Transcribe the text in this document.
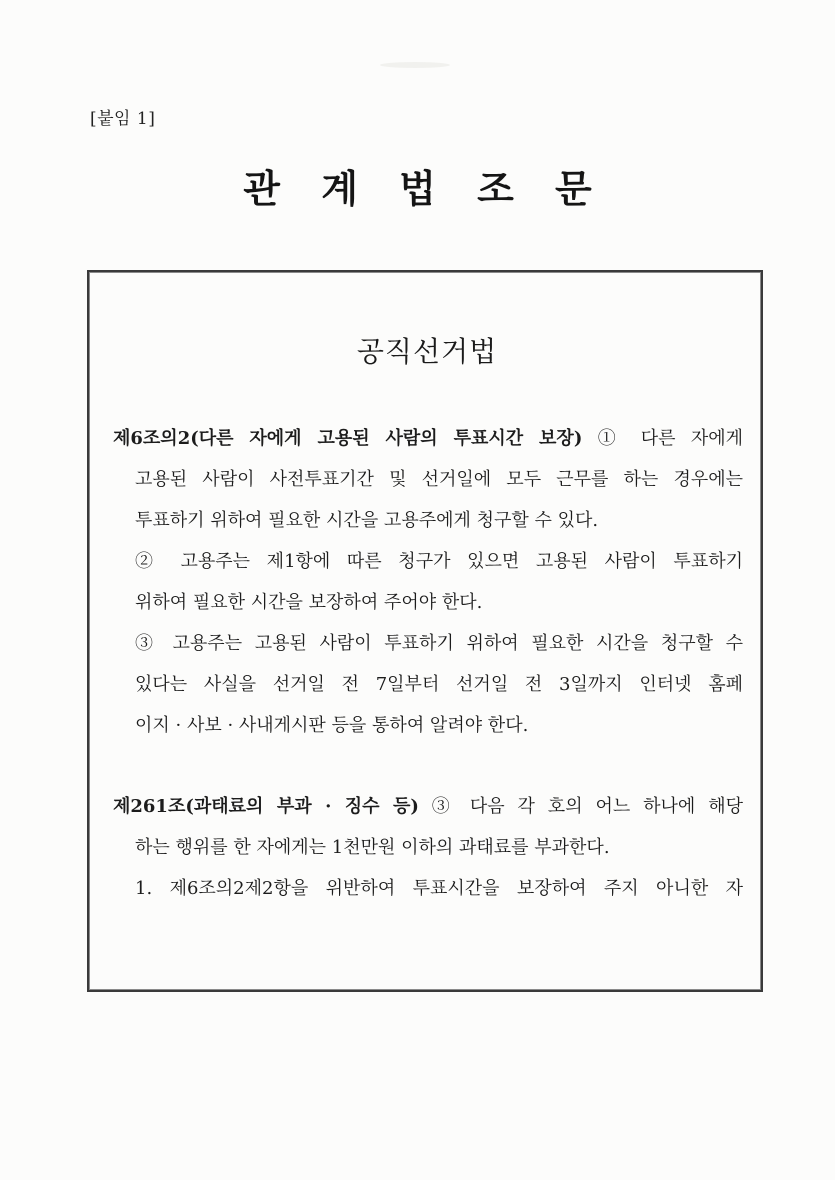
[붙임 1]
관 계 법 조 문
공직선거법
제6조의2(다른 자에게 고용된 사람의 투표시간 보장) ① 다른 자에게
고용된 사람이 사전투표기간 및 선거일에 모두 근무를 하는 경우에는
투표하기 위하여 필요한 시간을 고용주에게 청구할 수 있다.
② 고용주는 제1항에 따른 청구가 있으면 고용된 사람이 투표하기
위하여 필요한 시간을 보장하여 주어야 한다.
③ 고용주는 고용된 사람이 투표하기 위하여 필요한 시간을 청구할 수
있다는 사실을 선거일 전 7일부터 선거일 전 3일까지 인터넷 홈페
이지 · 사보 · 사내게시판 등을 통하여 알려야 한다.
제261조(과태료의 부과 · 징수 등) ③ 다음 각 호의 어느 하나에 해당
하는 행위를 한 자에게는 1천만원 이하의 과태료를 부과한다.
1. 제6조의2제2항을 위반하여 투표시간을 보장하여 주지 아니한 자
